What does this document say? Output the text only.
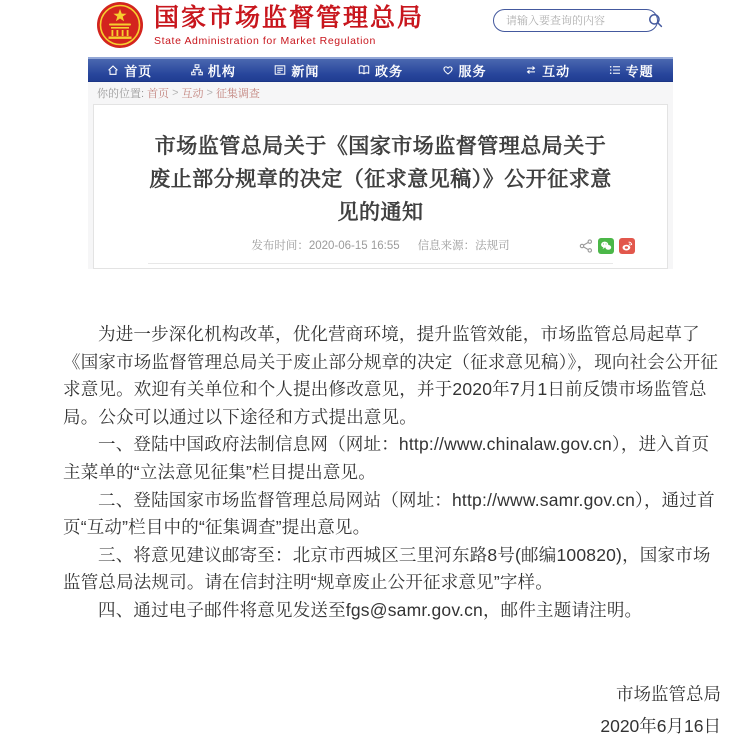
国家市场监督管理总局
State Administration for Market Regulation
请输入要查询的内容
首页	机构	新闻	政务	服务	互动	专题
你的位置: 首页 > 互动 > 征集调查
市场监管总局关于《国家市场监督管理总局关于废止部分规章的决定（征求意见稿）》公开征求意见的通知
发布时间：2020-06-15 16:55 信息来源：法规司

为进一步深化机构改革，优化营商环境，提升监管效能，市场监管总局起草了《国家市场监督管理总局关于废止部分规章的决定（征求意见稿）》，现向社会公开征求意见。欢迎有关单位和个人提出修改意见，并于2020年7月1日前反馈市场监管总局。公众可以通过以下途径和方式提出意见。

一、登陆中国政府法制信息网（网址：http://www.chinalaw.gov.cn），进入首页主菜单的“立法意见征集”栏目提出意见。

二、登陆国家市场监督管理总局网站（网址：http://www.samr.gov.cn），通过首页“互动”栏目中的“征集调查”提出意见。

三、将意见建议邮寄至：北京市西城区三里河东路8号(邮编100820)，国家市场监管总局法规司。请在信封注明“规章废止公开征求意见”字样。

四、通过电子邮件将意见发送至fgs@samr.gov.cn，邮件主题请注明。

市场监管总局
2020年6月16日
